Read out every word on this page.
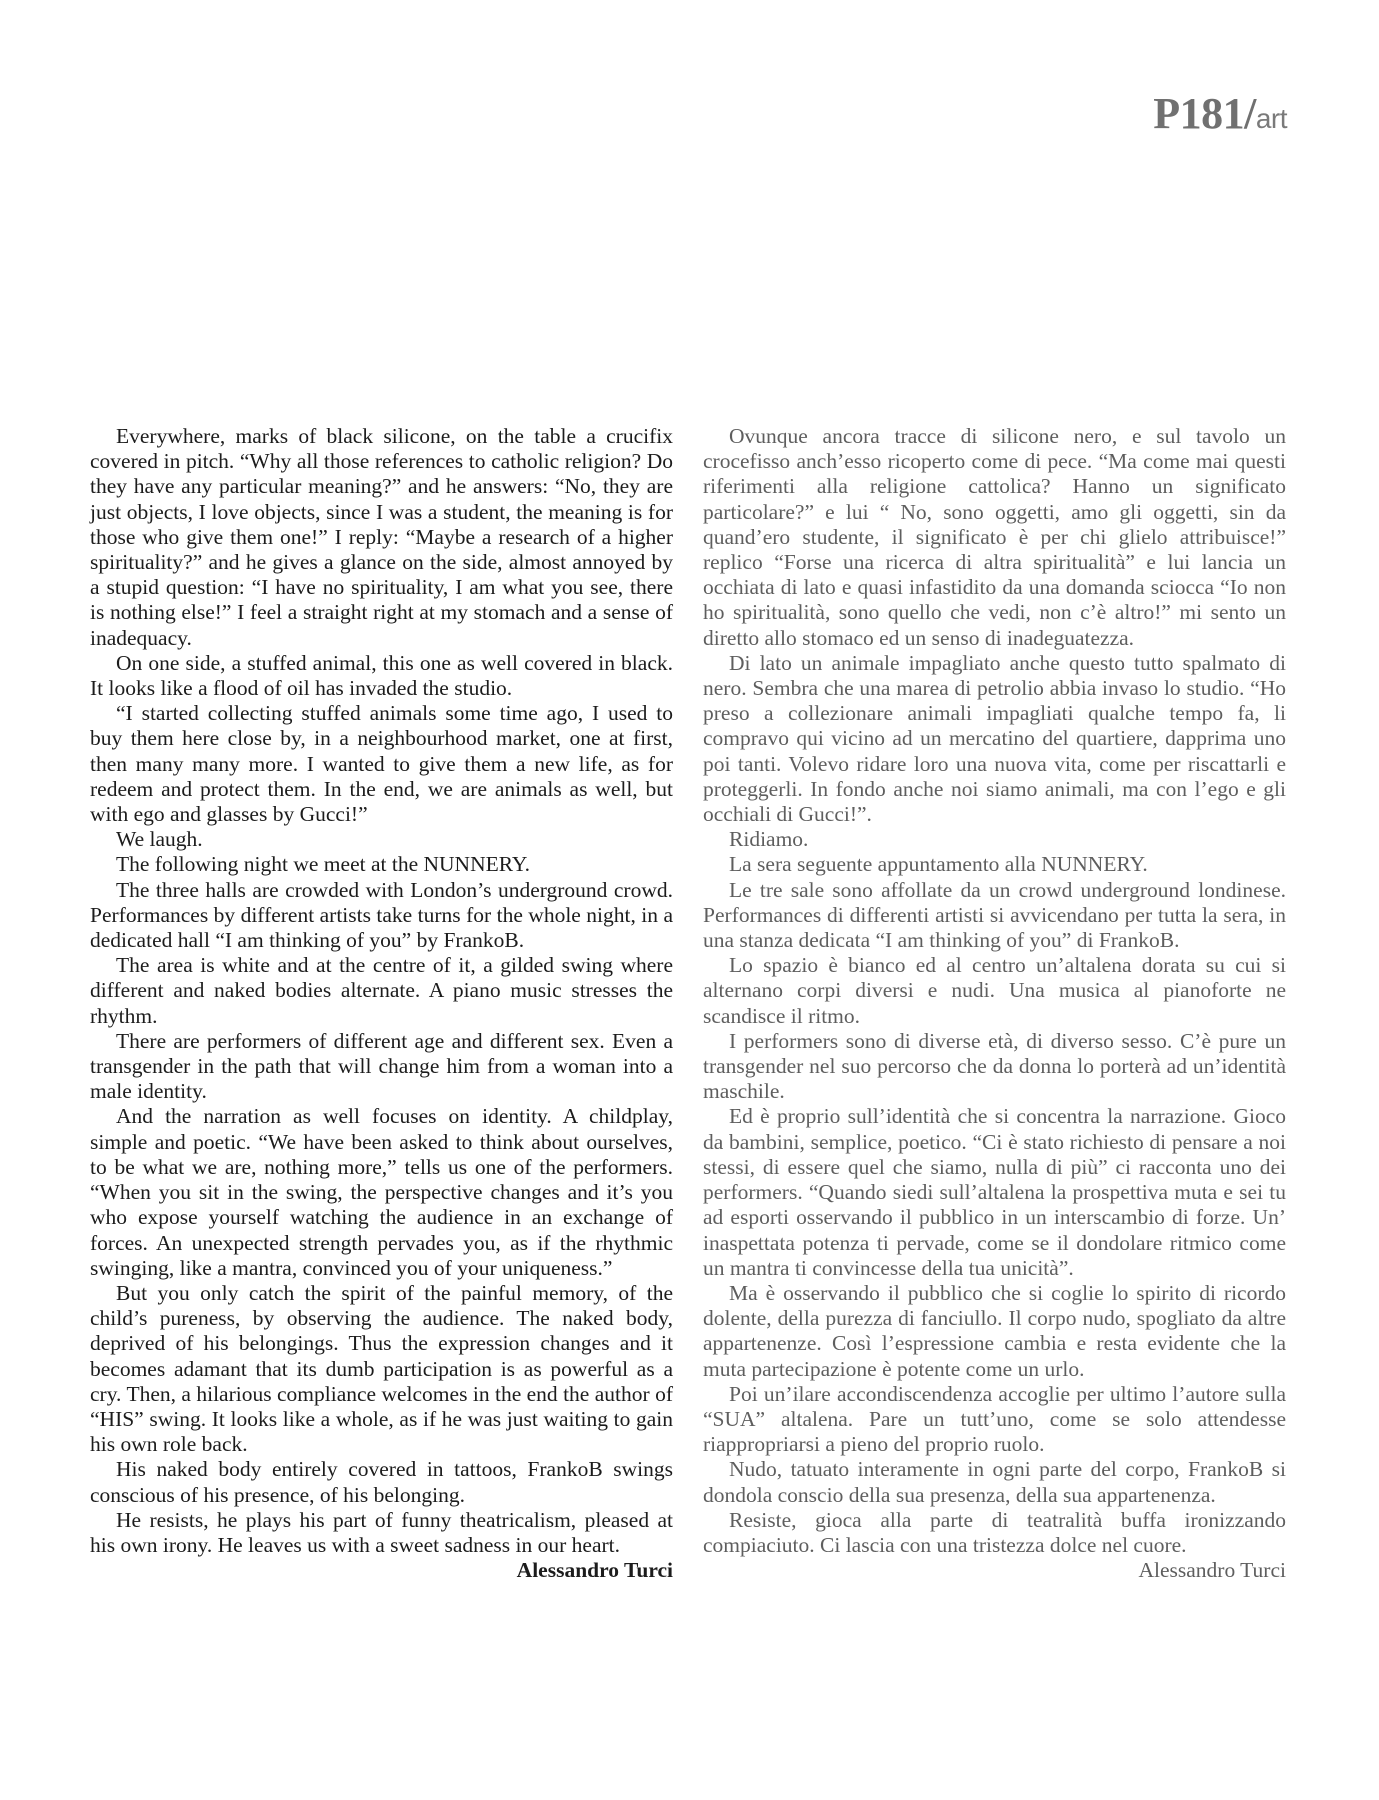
P181/art

Everywhere, marks of black silicone, on the table a crucifix covered in pitch. “Why all those references to catholic religion? Do they have any particular meaning?” and he answers: “No, they are just objects, I love objects, since I was a student, the meaning is for those who give them one!” I reply: “Maybe a research of a higher spirituality?” and he gives a glance on the side, almost annoyed by a stupid question: “I have no spirituality, I am what you see, there is nothing else!” I feel a straight right at my stomach and a sense of inadequacy.

On one side, a stuffed animal, this one as well covered in black. It looks like a flood of oil has invaded the studio.

“I started collecting stuffed animals some time ago, I used to buy them here close by, in a neighbourhood market, one at first, then many many more. I wanted to give them a new life, as for redeem and protect them. In the end, we are animals as well, but with ego and glasses by Gucci!”

We laugh.

The following night we meet at the NUNNERY.

The three halls are crowded with London’s underground crowd. Performances by different artists take turns for the whole night, in a dedicated hall “I am thinking of you” by FrankoB.

The area is white and at the centre of it, a gilded swing where different and naked bodies alternate. A piano music stresses the rhythm.

There are performers of different age and different sex. Even a transgender in the path that will change him from a woman into a male identity.

And the narration as well focuses on identity. A childplay, simple and poetic. “We have been asked to think about ourselves, to be what we are, nothing more,” tells us one of the performers. “When you sit in the swing, the perspective changes and it’s you who expose yourself watching the audience in an exchange of forces. An unexpected strength pervades you, as if the rhythmic swinging, like a mantra, convinced you of your uniqueness.”

But you only catch the spirit of the painful memory, of the child’s pureness, by observing the audience. The naked body, deprived of his belongings. Thus the expression changes and it becomes adamant that its dumb participation is as powerful as a cry. Then, a hilarious compliance welcomes in the end the author of “HIS” swing. It looks like a whole, as if he was just waiting to gain his own role back.

His naked body entirely covered in tattoos, FrankoB swings conscious of his presence, of his belonging.

He resists, he plays his part of funny theatricalism, pleased at his own irony. He leaves us with a sweet sadness in our heart.

Alessandro Turci

Ovunque ancora tracce di silicone nero, e sul tavolo un crocefisso anch’esso ricoperto come di pece. “Ma come mai questi riferimenti alla religione cattolica? Hanno un significato particolare?” e lui “ No, sono oggetti, amo gli oggetti, sin da quand’ero studente, il significato è per chi glielo attribuisce!” replico “Forse una ricerca di altra spiritualità” e lui lancia un occhiata di lato e quasi infastidito da una domanda sciocca “Io non ho spiritualità, sono quello che vedi, non c’è altro!” mi sento un diretto allo stomaco ed un senso di inadeguatezza.

Di lato un animale impagliato anche questo tutto spalmato di nero. Sembra che una marea di petrolio abbia invaso lo studio. “Ho preso a collezionare animali impagliati qualche tempo fa, li compravo qui vicino ad un mercatino del quartiere, dapprima uno poi tanti. Volevo ridare loro una nuova vita, come per riscattarli e proteggerli. In fondo anche noi siamo animali, ma con l’ego e gli occhiali di Gucci!”.

Ridiamo.

La sera seguente appuntamento alla NUNNERY.

Le tre sale sono affollate da un crowd underground londinese. Performances di differenti artisti si avvicendano per tutta la sera, in una stanza dedicata “I am thinking of you” di FrankoB.

Lo spazio è bianco ed al centro un’altalena dorata su cui si alternano corpi diversi e nudi. Una musica al pianoforte ne scandisce il ritmo.

I performers sono di diverse età, di diverso sesso. C’è pure un transgender nel suo percorso che da donna lo porterà ad un’identità maschile.

Ed è proprio sull’identità che si concentra la narrazione. Gioco da bambini, semplice, poetico. “Ci è stato richiesto di pensare a noi stessi, di essere quel che siamo, nulla di più” ci racconta uno dei performers. “Quando siedi sull’altalena la prospettiva muta e sei tu ad esporti osservando il pubblico in un interscambio di forze. Un’ inaspettata potenza ti pervade, come se il dondolare ritmico come un mantra ti convincesse della tua unicità”.

Ma è osservando il pubblico che si coglie lo spirito di ricordo dolente, della purezza di fanciullo. Il corpo nudo, spogliato da altre appartenenze. Così l’espressione cambia e resta evidente che la muta partecipazione è potente come un urlo.

Poi un’ilare accondiscendenza accoglie per ultimo l’autore sulla “SUA” altalena. Pare un tutt’uno, come se solo attendesse riappropriarsi a pieno del proprio ruolo.

Nudo, tatuato interamente in ogni parte del corpo, FrankoB si dondola conscio della sua presenza, della sua appartenenza.

Resiste, gioca alla parte di teatralità buffa ironizzando compiaciuto. Ci lascia con una tristezza dolce nel cuore.

Alessandro Turci
